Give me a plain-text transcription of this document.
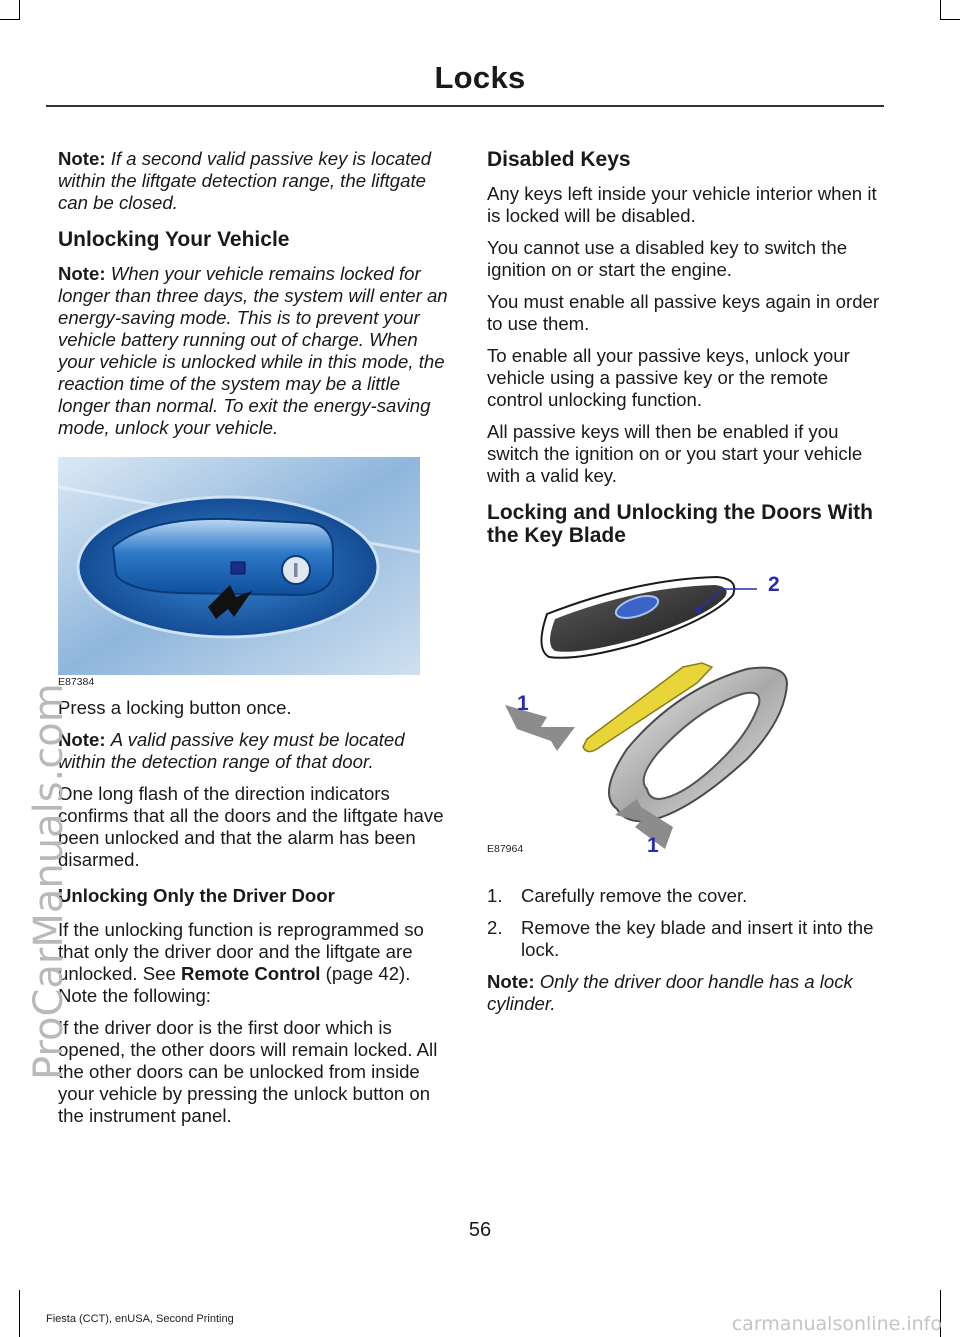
Locks

Note: If a second valid passive key is located within the liftgate detection range, the liftgate can be closed.

Unlocking Your Vehicle

Note: When your vehicle remains locked for longer than three days, the system will enter an energy-saving mode. This is to prevent your vehicle battery running out of charge. When your vehicle is unlocked while in this mode, the reaction time of the system may be a little longer than normal. To exit the energy-saving mode, unlock your vehicle.

E87384

Press a locking button once.

Note: A valid passive key must be located within the detection range of that door.

One long flash of the direction indicators confirms that all the doors and the liftgate have been unlocked and that the alarm has been disarmed.

Unlocking Only the Driver Door

If the unlocking function is reprogrammed so that only the driver door and the liftgate are unlocked. See Remote Control (page 42). Note the following:

If the driver door is the first door which is opened, the other doors will remain locked. All the other doors can be unlocked from inside your vehicle by pressing the unlock button on the instrument panel.

Disabled Keys

Any keys left inside your vehicle interior when it is locked will be disabled.

You cannot use a disabled key to switch the ignition on or start the engine.

You must enable all passive keys again in order to use them.

To enable all your passive keys, unlock your vehicle using a passive key or the remote control unlocking function.

All passive keys will then be enabled if you switch the ignition on or you start your vehicle with a valid key.

Locking and Unlocking the Doors With the Key Blade
2
1
1
E87964
1. Carefully remove the cover.
2. Remove the key blade and insert it into the lock.

Note: Only the driver door handle has a lock cylinder.

56
Fiesta (CCT), enUSA, Second Printing
ProCarManuals.com
carmanualsonline.info
